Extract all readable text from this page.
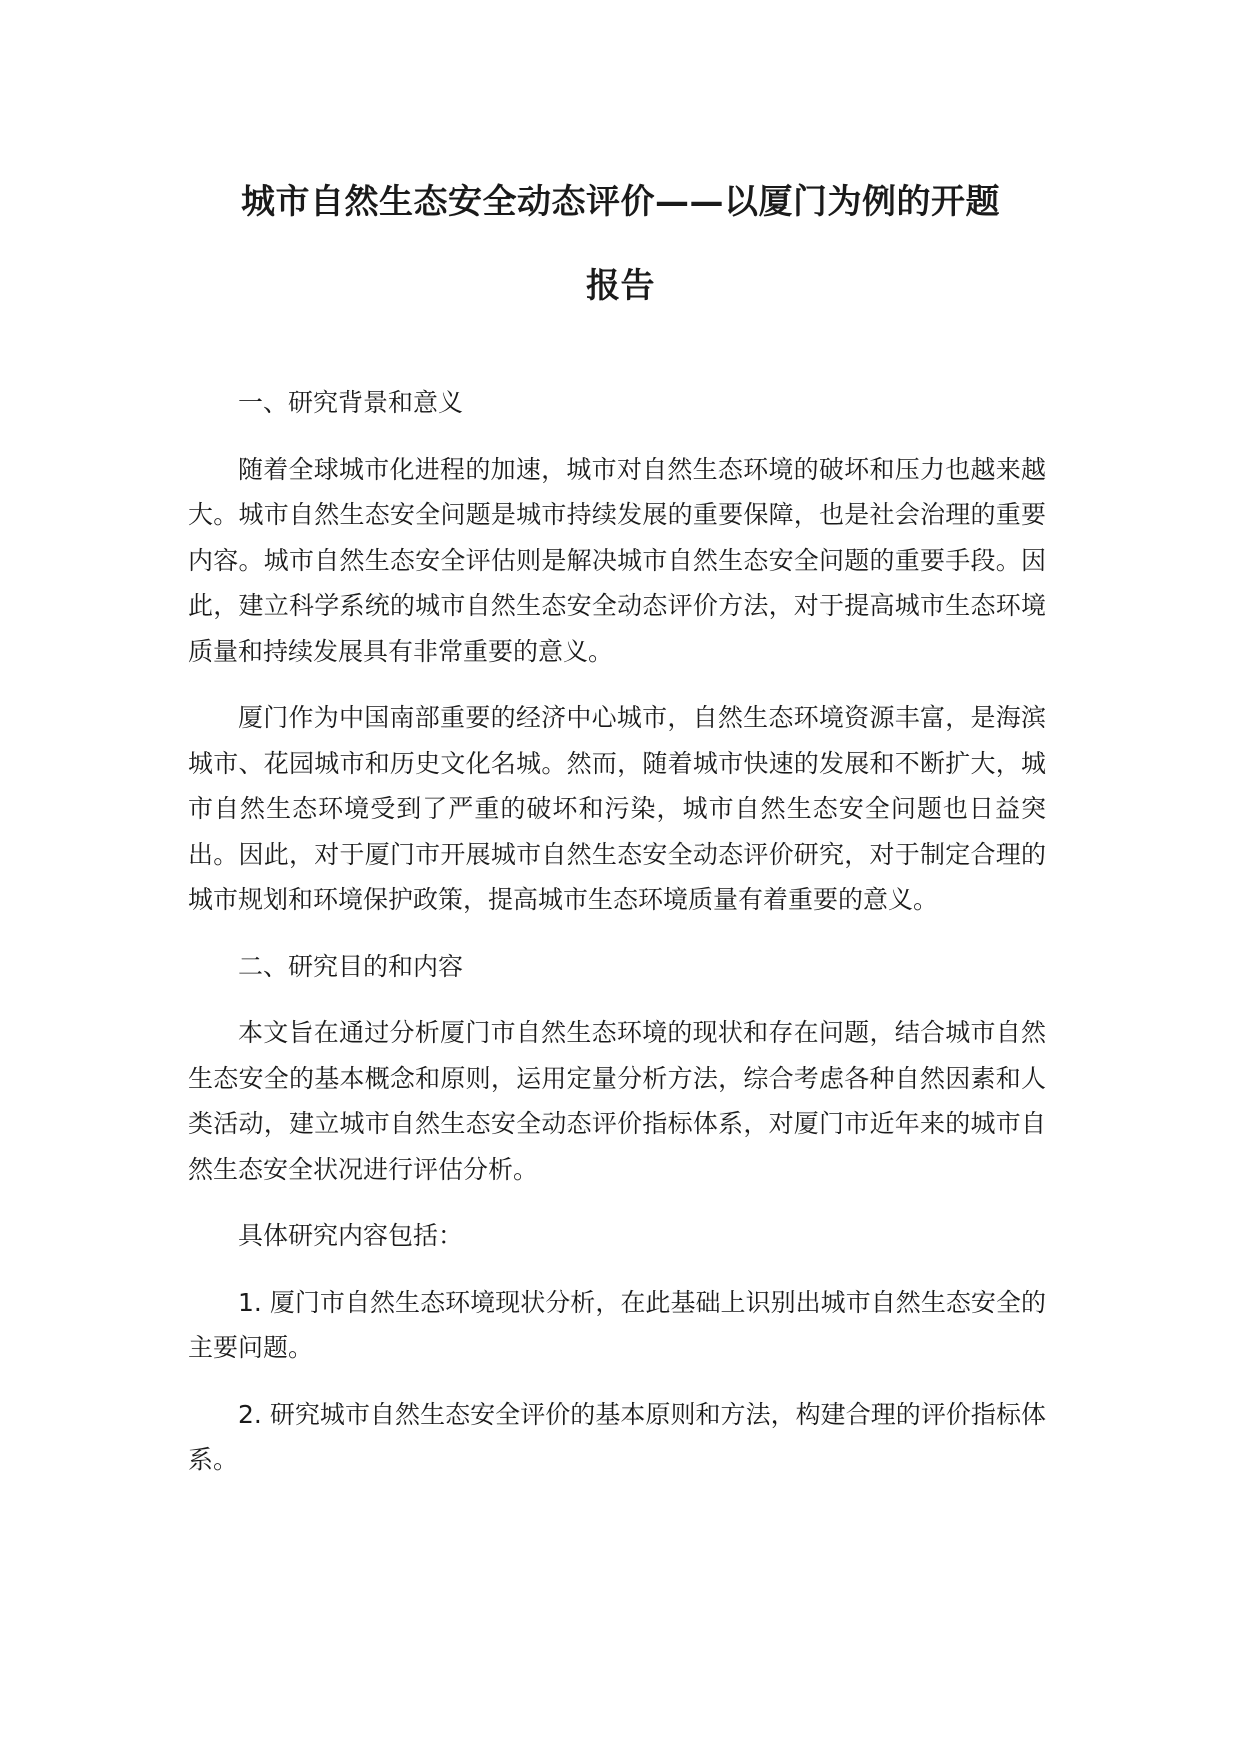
城市自然生态安全动态评价——以厦门为例的开题
报告

一、研究背景和意义

随着全球城市化进程的加速，城市对自然生态环境的破坏和压力也越来越大。城市自然生态安全问题是城市持续发展的重要保障，也是社会治理的重要内容。城市自然生态安全评估则是解决城市自然生态安全问题的重要手段。因此，建立科学系统的城市自然生态安全动态评价方法，对于提高城市生态环境质量和持续发展具有非常重要的意义。

厦门作为中国南部重要的经济中心城市，自然生态环境资源丰富，是海滨城市、花园城市和历史文化名城。然而，随着城市快速的发展和不断扩大，城市自然生态环境受到了严重的破坏和污染，城市自然生态安全问题也日益突出。因此，对于厦门市开展城市自然生态安全动态评价研究，对于制定合理的城市规划和环境保护政策，提高城市生态环境质量有着重要的意义。

二、研究目的和内容

本文旨在通过分析厦门市自然生态环境的现状和存在问题，结合城市自然生态安全的基本概念和原则，运用定量分析方法，综合考虑各种自然因素和人类活动，建立城市自然生态安全动态评价指标体系，对厦门市近年来的城市自然生态安全状况进行评估分析。

具体研究内容包括：

1. 厦门市自然生态环境现状分析，在此基础上识别出城市自然生态安全的主要问题。

2. 研究城市自然生态安全评价的基本原则和方法，构建合理的评价指标体系。
